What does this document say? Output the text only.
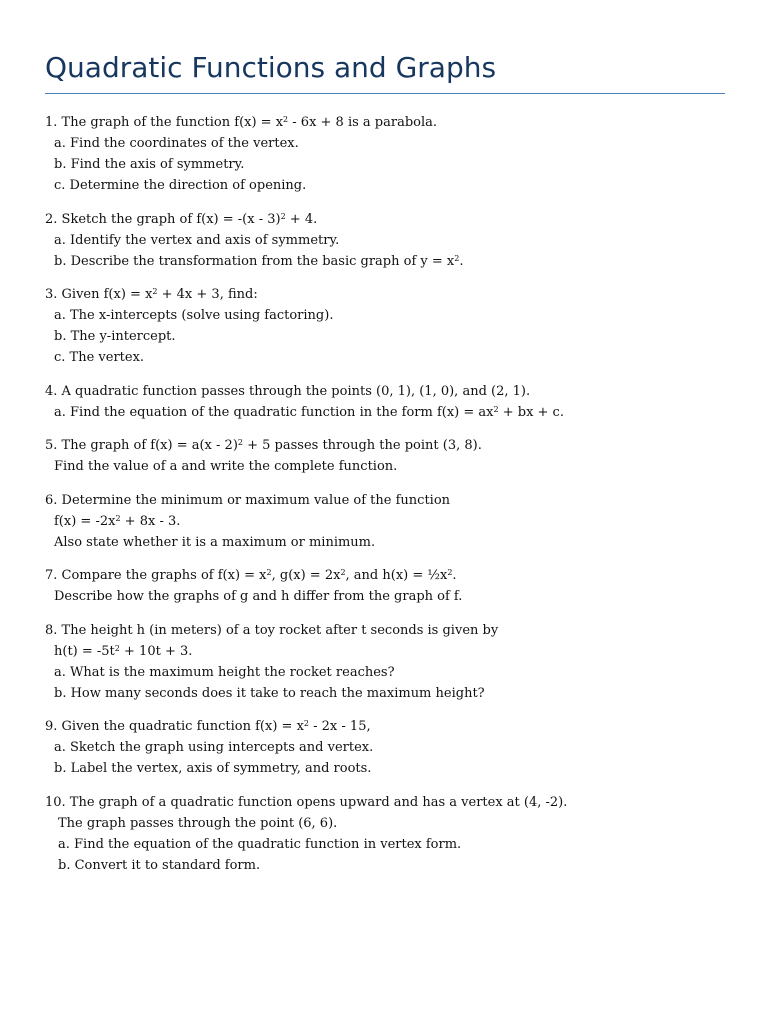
Quadratic Functions and Graphs
1. The graph of the function $f(x) = x^2 - 6x + 8$ is a parabola.
a. Find the coordinates of the vertex.
b. Find the axis of symmetry.
c. Determine the direction of opening.
2. Sketch the graph of f(x) = -(x - 3)$^2$ + 4.
a. Identify the vertex and axis of symmetry.
b. Describe the transformation from the basic graph of $y = x^2$.
3. Given $f(x) = x^2 + 4x + 3$, find:
a. The x-intercepts (solve using factoring).
b. The y-intercept.
c. The vertex.
4. A quadratic function passes through the points (0, 1), (1, 0), and (2, 1).
a. Find the equation of the quadratic function in the form $f(x) = ax^2$ + bx + c.
5. The graph of f(x) = a(x - 2)$^2$ + 5 passes through the point (3, 8).
Find the value of a and write the complete function.
6. Determine the minimum or maximum value of the function
$f(x) = -2x^2 + 8x - 3$.
Also state whether it is a maximum or minimum.
7. Compare the graphs of $f(x) = x^2$, $g(x) = 2x^2$, and $h(x) = \frac{1}{2}x^2$.
Describe how the graphs of g and h differ from the graph of f.
8. The height h (in meters) of a toy rocket after t seconds is given by
$h(t) = -5t^2 + 10t + 3$.
a. What is the maximum height the rocket reaches?
b. How many seconds does it take to reach the maximum height?
9. Given the quadratic function $f(x) = x^2 - 2x - 15$,
a. Sketch the graph using intercepts and vertex.
b. Label the vertex, axis of symmetry, and roots.
10. The graph of a quadratic function opens upward and has a vertex at (4, -2).
The graph passes through the point (6, 6).
a. Find the equation of the quadratic function in vertex form.
b. Convert it to standard form.
